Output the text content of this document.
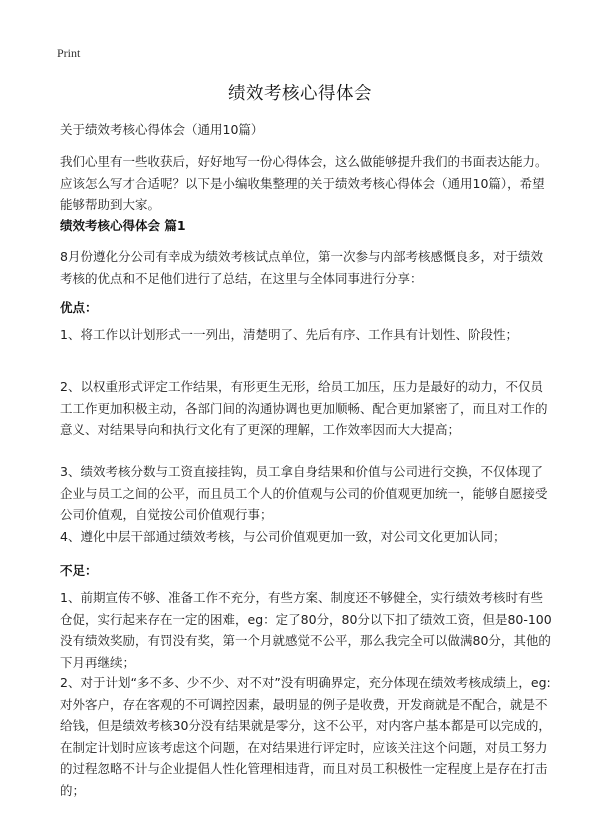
Print
绩效考核心得体会
关于绩效考核心得体会（通用10篇）
我们心里有一些收获后，好好地写一份心得体会，这么做能够提升我们的书面表达能力。应该怎么写才合适呢？以下是小编收集整理的关于绩效考核心得体会（通用10篇），希望能够帮助到大家。
绩效考核心得体会 篇1
8月份遵化分公司有幸成为绩效考核试点单位，第一次参与内部考核感慨良多，对于绩效考核的优点和不足他们进行了总结，在这里与全体同事进行分享：
优点：
1、将工作以计划形式一一列出，清楚明了、先后有序、工作具有计划性、阶段性；
2、以权重形式评定工作结果，有形更生无形，给员工加压，压力是最好的动力，不仅员工工作更加积极主动，各部门间的沟通协调也更加顺畅、配合更加紧密了，而且对工作的意义、对结果导向和执行文化有了更深的理解，工作效率因而大大提高；
3、绩效考核分数与工资直接挂钩，员工拿自身结果和价值与公司进行交换，不仅体现了企业与员工之间的公平，而且员工个人的价值观与公司的价值观更加统一，能够自愿接受公司价值观，自觉按公司价值观行事；
4、遵化中层干部通过绩效考核，与公司价值观更加一致，对公司文化更加认同；
不足：
1、前期宣传不够、准备工作不充分，有些方案、制度还不够健全，实行绩效考核时有些仓促，实行起来存在一定的困难，eg：定了80分，80分以下扣了绩效工资，但是80-100没有绩效奖励，有罚没有奖，第一个月就感觉不公平，那么我完全可以做满80分，其他的下月再继续；
2、对于计划“多不多、少不少、对不对”没有明确界定，充分体现在绩效考核成绩上，eg:对外客户，存在客观的不可调控因素，最明显的例子是收费，开发商就是不配合，就是不给钱，但是绩效考核30分没有结果就是零分，这不公平，对内客户基本都是可以完成的，在制定计划时应该考虑这个问题，在对结果进行评定时，应该关注这个问题，对员工努力的过程忽略不计与企业提倡人性化管理相违背，而且对员工积极性一定程度上是存在打击的；
